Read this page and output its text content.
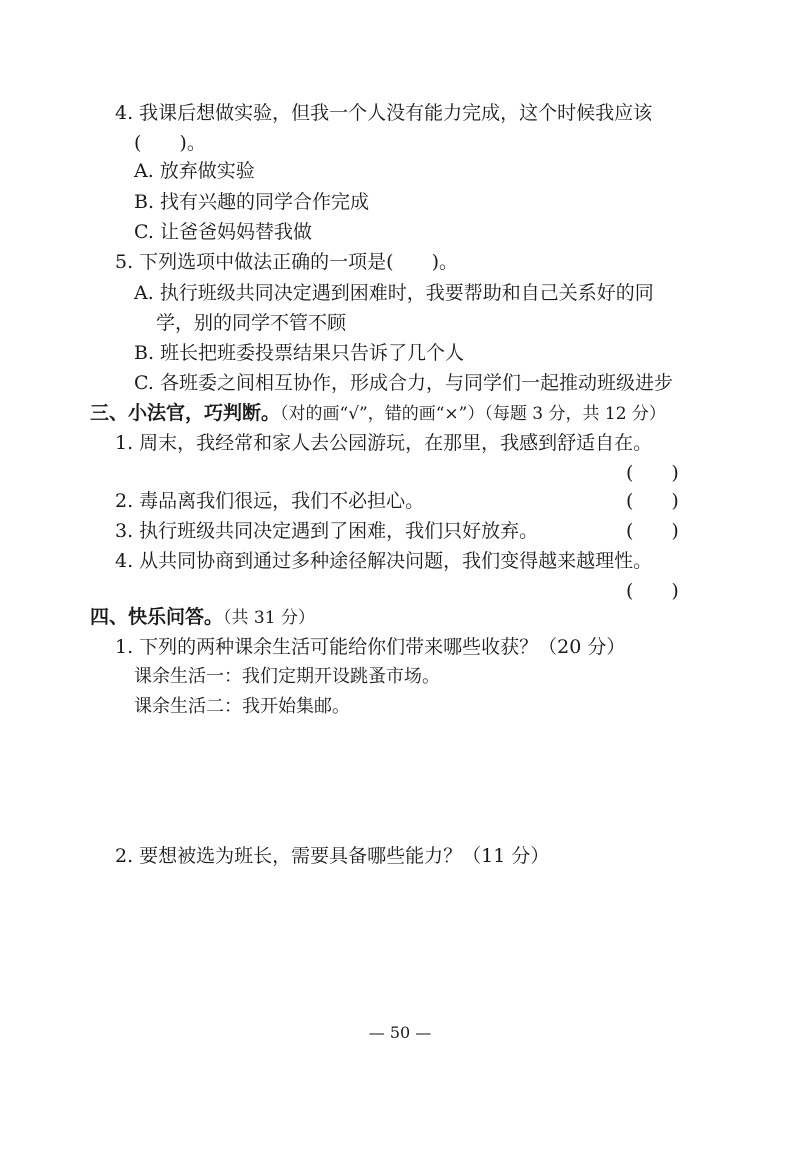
4. 我课后想做实验，但我一个人没有能力完成，这个时候我应该
(　　)。
A. 放弃做实验
B. 找有兴趣的同学合作完成
C. 让爸爸妈妈替我做
5. 下列选项中做法正确的一项是(　　)。
A. 执行班级共同决定遇到困难时，我要帮助和自己关系好的同
学，别的同学不管不顾
B. 班长把班委投票结果只告诉了几个人
C. 各班委之间相互协作，形成合力，与同学们一起推动班级进步
三、小法官，巧判断。（对的画“√”，错的画“×”）（每题 3 分，共 12 分）
1. 周末，我经常和家人去公园游玩，在那里，我感到舒适自在。
(　　)
2. 毒品离我们很远，我们不必担心。	(　　)
3. 执行班级共同决定遇到了困难，我们只好放弃。	(　　)
4. 从共同协商到通过多种途径解决问题，我们变得越来越理性。
(　　)
四、快乐问答。（共 31 分）
1. 下列的两种课余生活可能给你们带来哪些收获？（20 分）
课余生活一：我们定期开设跳蚤市场。
课余生活二：我开始集邮。
2. 要想被选为班长，需要具备哪些能力？（11 分）
— 50 —
